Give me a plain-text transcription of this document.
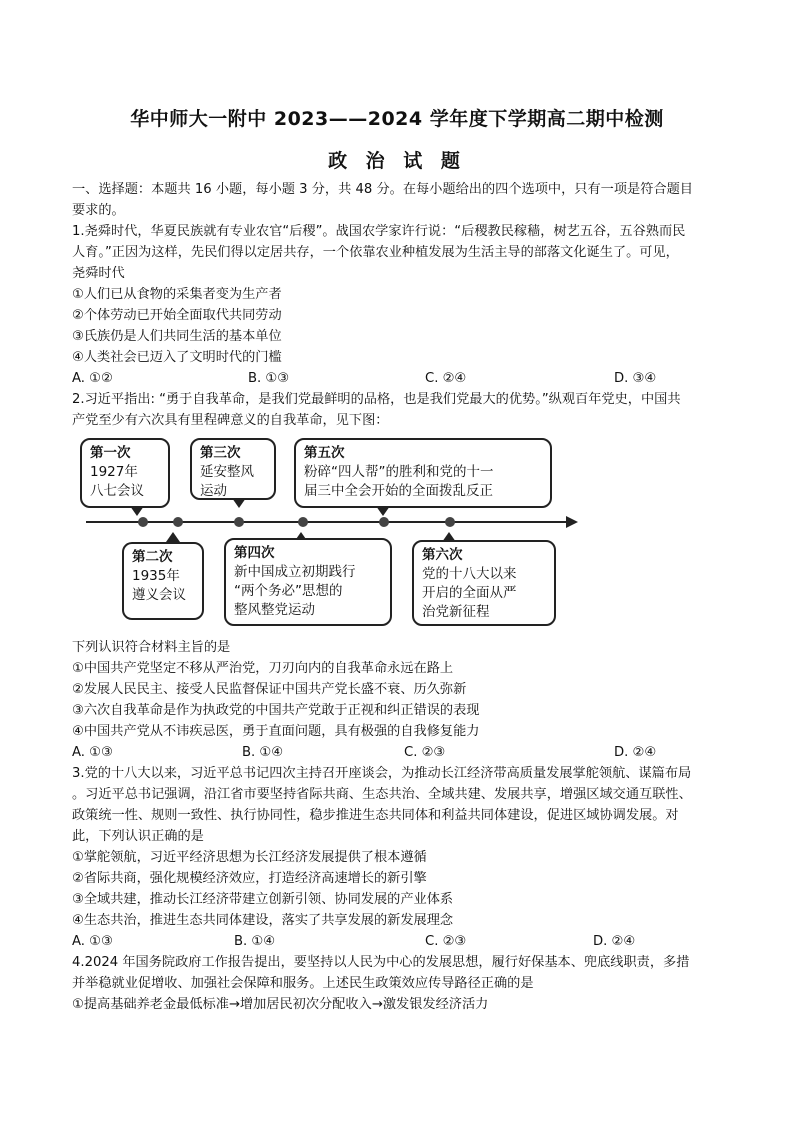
华中师大一附中 2023——2024 学年度下学期高二期中检测
政 治 试 题
一、选择题：本题共 16 小题，每小题 3 分，共 48 分。在每小题给出的四个选项中，只有一项是符合题目
要求的。
1.尧舜时代，华夏民族就有专业农官“后稷”。战国农学家许行说：“后稷教民稼穑，树艺五谷，五谷熟而民
人育。”正因为这样，先民们得以定居共存，一个依靠农业种植发展为生活主导的部落文化诞生了。可见，
尧舜时代
①人们已从食物的采集者变为生产者
②个体劳动已开始全面取代共同劳动
③氏族仍是人们共同生活的基本单位
④人类社会已迈入了文明时代的门槛
A. ①②	B. ①③	C. ②④	D. ③④
2.习近平指出: “勇于自我革命，是我们党最鲜明的品格，也是我们党最大的优势。”纵观百年党史，中国共
产党至少有六次具有里程碑意义的自我革命，见下图：
第一次
1927年
八七会议
第三次
延安整风
运动
第五次
粉碎“四人帮”的胜利和党的十一
届三中全会开始的全面拨乱反正
第二次
1935年
遵义会议
第四次
新中国成立初期践行
“两个务必”思想的
整风整党运动
第六次
党的十八大以来
开启的全面从严
治党新征程
下列认识符合材料主旨的是
①中国共产党坚定不移从严治党，刀刃向内的自我革命永远在路上
②发展人民民主、接受人民监督保证中国共产党长盛不衰、历久弥新
③六次自我革命是作为执政党的中国共产党敢于正视和纠正错误的表现
④中国共产党从不讳疾忌医，勇于直面问题，具有极强的自我修复能力
A. ①③	B. ①④	C. ②③	D. ②④
3.党的十八大以来，习近平总书记四次主持召开座谈会，为推动长江经济带高质量发展掌舵领航、谋篇布局
。习近平总书记强调，沿江省市要坚持省际共商、生态共治、全域共建、发展共享，增强区域交通互联性、
政策统一性、规则一致性、执行协同性，稳步推进生态共同体和利益共同体建设，促进区域协调发展。对
此，下列认识正确的是
①掌舵领航，习近平经济思想为长江经济发展提供了根本遵循
②省际共商，强化规模经济效应，打造经济高速增长的新引擎
③全域共建，推动长江经济带建立创新引领、协同发展的产业体系
④生态共治，推进生态共同体建设，落实了共享发展的新发展理念
A. ①③	B. ①④	C. ②③	D. ②④
4.2024 年国务院政府工作报告提出，要坚持以人民为中心的发展思想，履行好保基本、兜底线职责，多措
并举稳就业促增收、加强社会保障和服务。上述民生政策效应传导路径正确的是
①提高基础养老金最低标准→增加居民初次分配收入→激发银发经济活力
